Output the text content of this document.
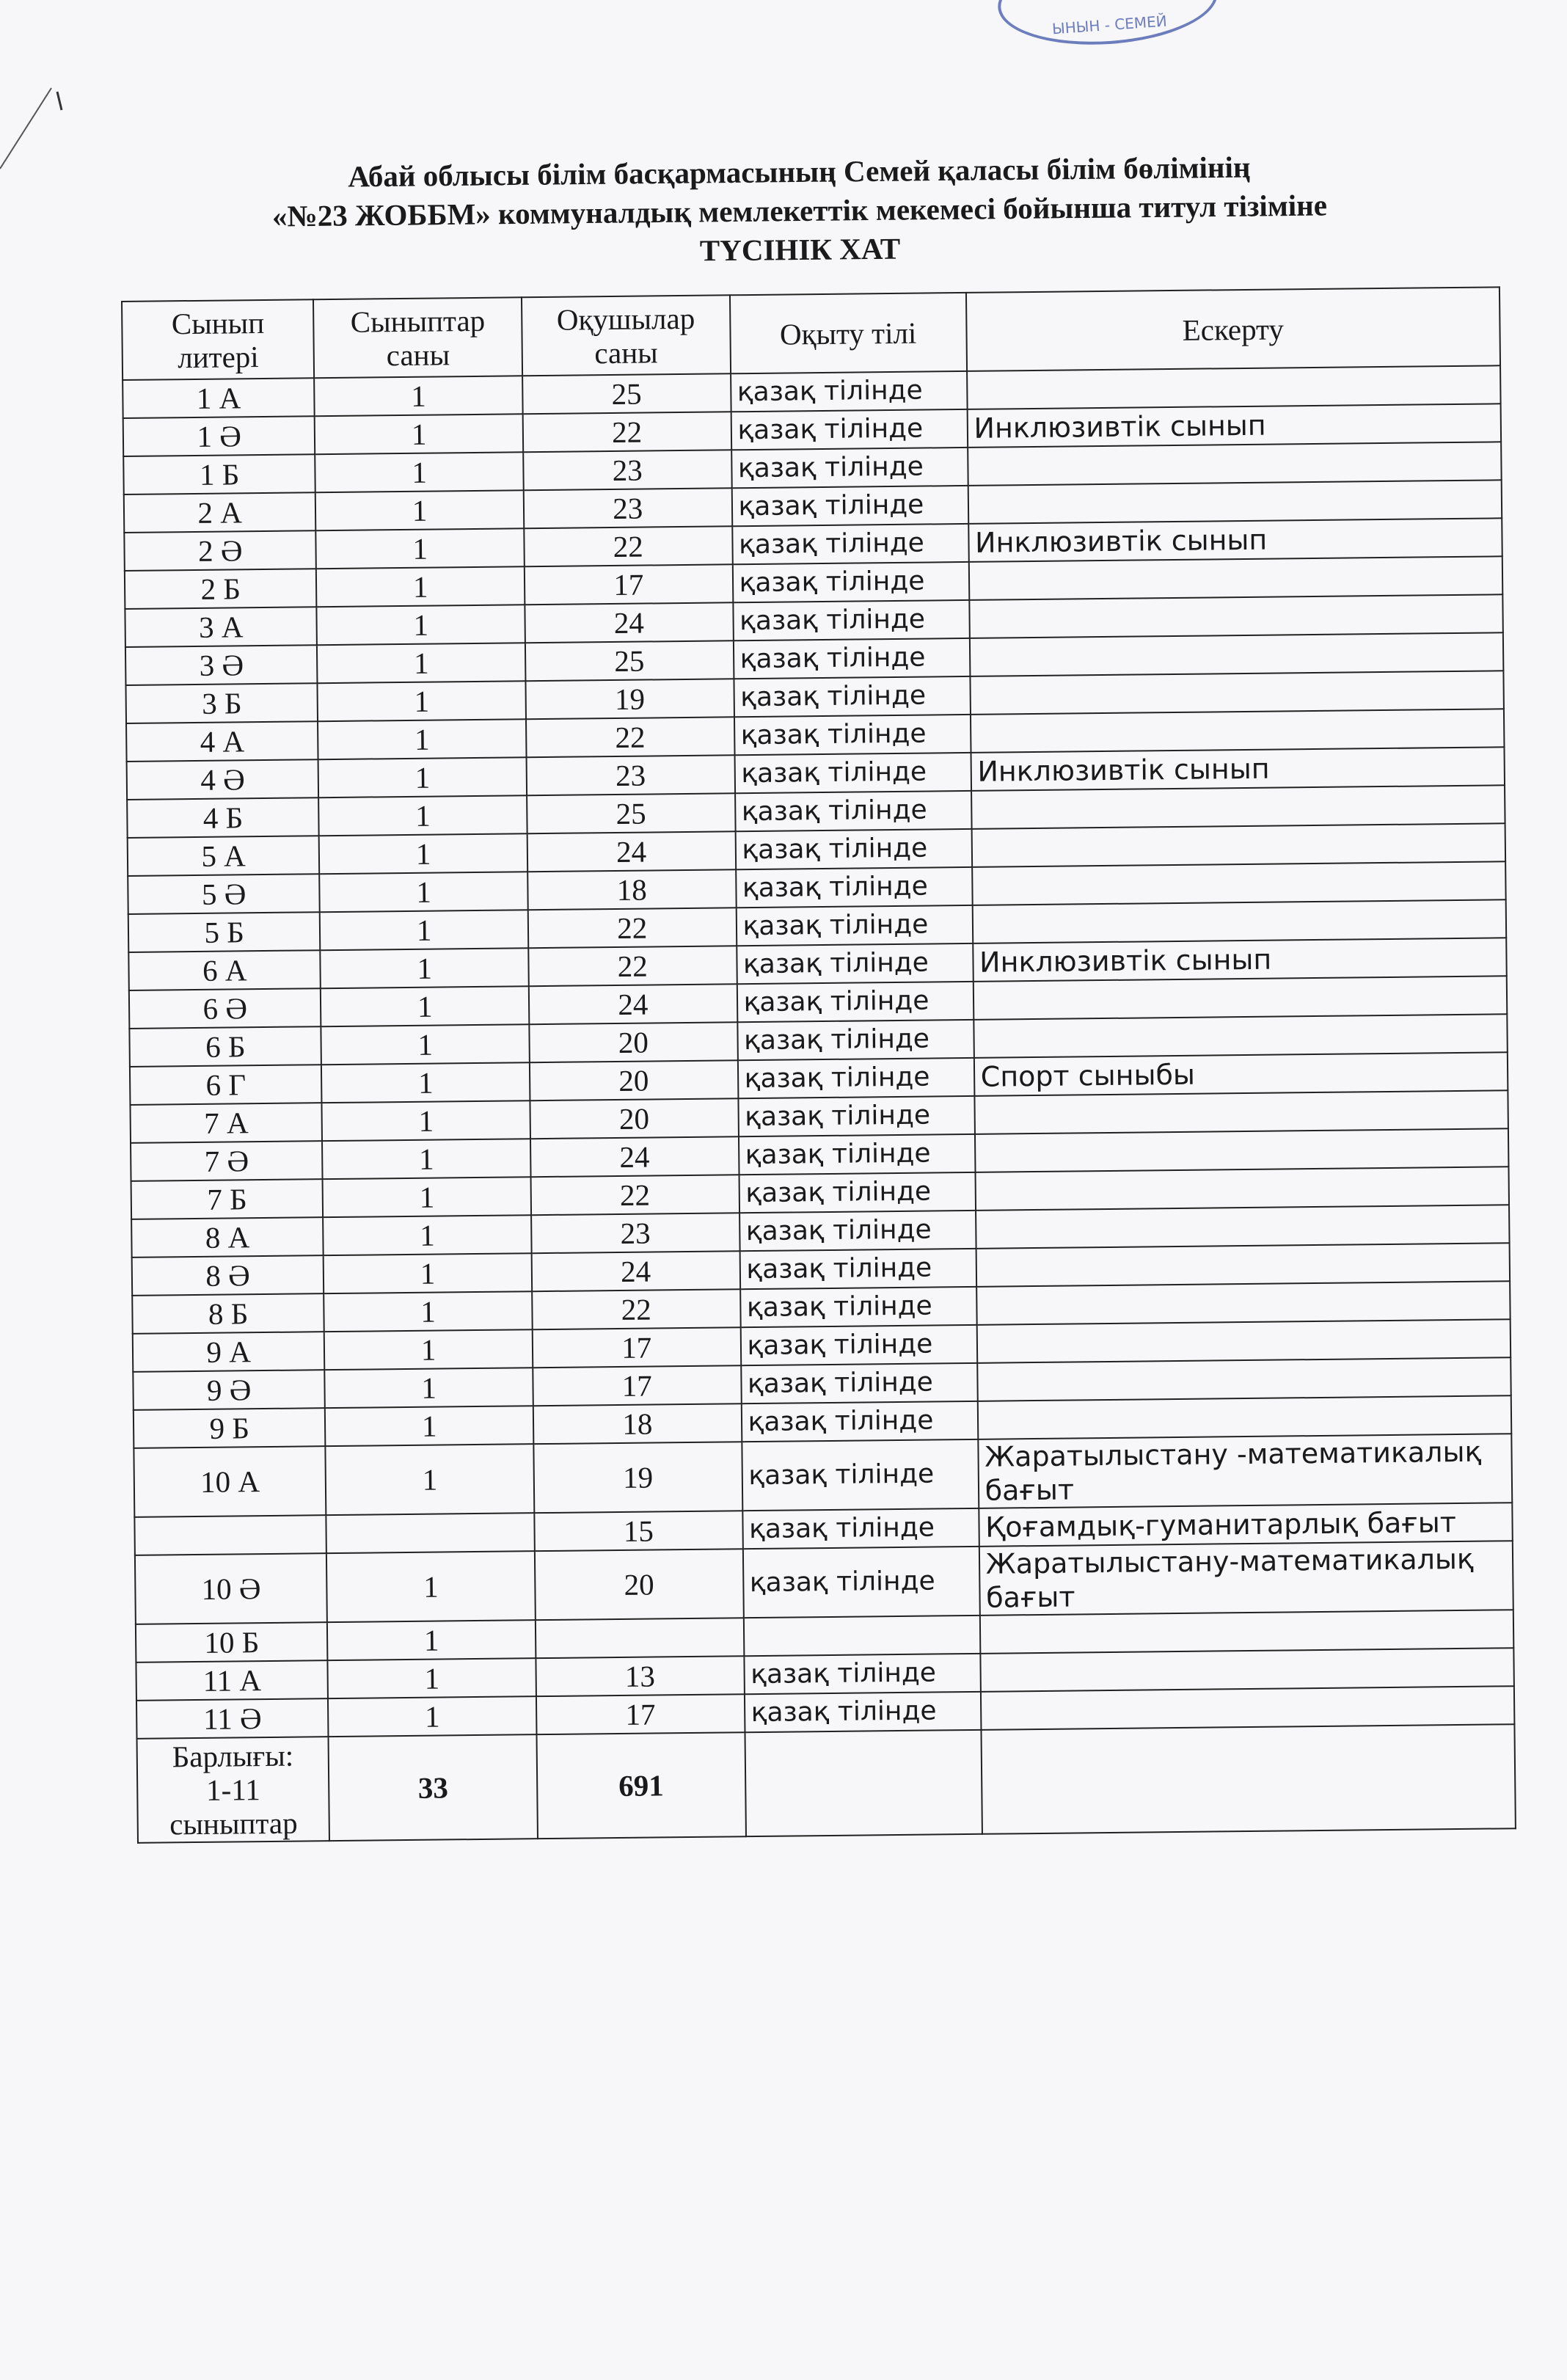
ЫНЫН - СЕМЕЙ
Абай облысы білім басқармасының Семей қаласы білім бөлімінің
«№23 ЖОББМ» коммуналдық мемлекеттік мекемесі бойынша титул тізіміне
ТҮСІНІК ХАТ
Сынып литері	Сыныптар саны	Оқушылар саны	Оқыту тілі	Ескерту
1 А	1	25	қазақ тілінде	
1 Ә	1	22	қазақ тілінде	Инклюзивтік сынып
1 Б	1	23	қазақ тілінде	
2 А	1	23	қазақ тілінде	
2 Ә	1	22	қазақ тілінде	Инклюзивтік сынып
2 Б	1	17	қазақ тілінде	
3 А	1	24	қазақ тілінде	
3 Ә	1	25	қазақ тілінде	
3 Б	1	19	қазақ тілінде	
4 А	1	22	қазақ тілінде	
4 Ә	1	23	қазақ тілінде	Инклюзивтік сынып
4 Б	1	25	қазақ тілінде	
5 А	1	24	қазақ тілінде	
5 Ә	1	18	қазақ тілінде	
5 Б	1	22	қазақ тілінде	
6 А	1	22	қазақ тілінде	Инклюзивтік сынып
6 Ә	1	24	қазақ тілінде	
6 Б	1	20	қазақ тілінде	
6 Г	1	20	қазақ тілінде	Спорт сыныбы
7 А	1	20	қазақ тілінде	
7 Ә	1	24	қазақ тілінде	
7 Б	1	22	қазақ тілінде	
8 А	1	23	қазақ тілінде	
8 Ә	1	24	қазақ тілінде	
8 Б	1	22	қазақ тілінде	
9 А	1	17	қазақ тілінде	
9 Ә	1	17	қазақ тілінде	
9 Б	1	18	қазақ тілінде	
10 А	1	19	қазақ тілінде	Жаратылыстану -математикалық бағыт
		15	қазақ тілінде	Қоғамдық-гуманитарлық бағыт
10 Ә	1	20	қазақ тілінде	Жаратылыстану-математикалық бағыт
10 Б	1			
11 А	1	13	қазақ тілінде	
11 Ә	1	17	қазақ тілінде	

Барлығы:
1-11
сыныптар	33	691		
